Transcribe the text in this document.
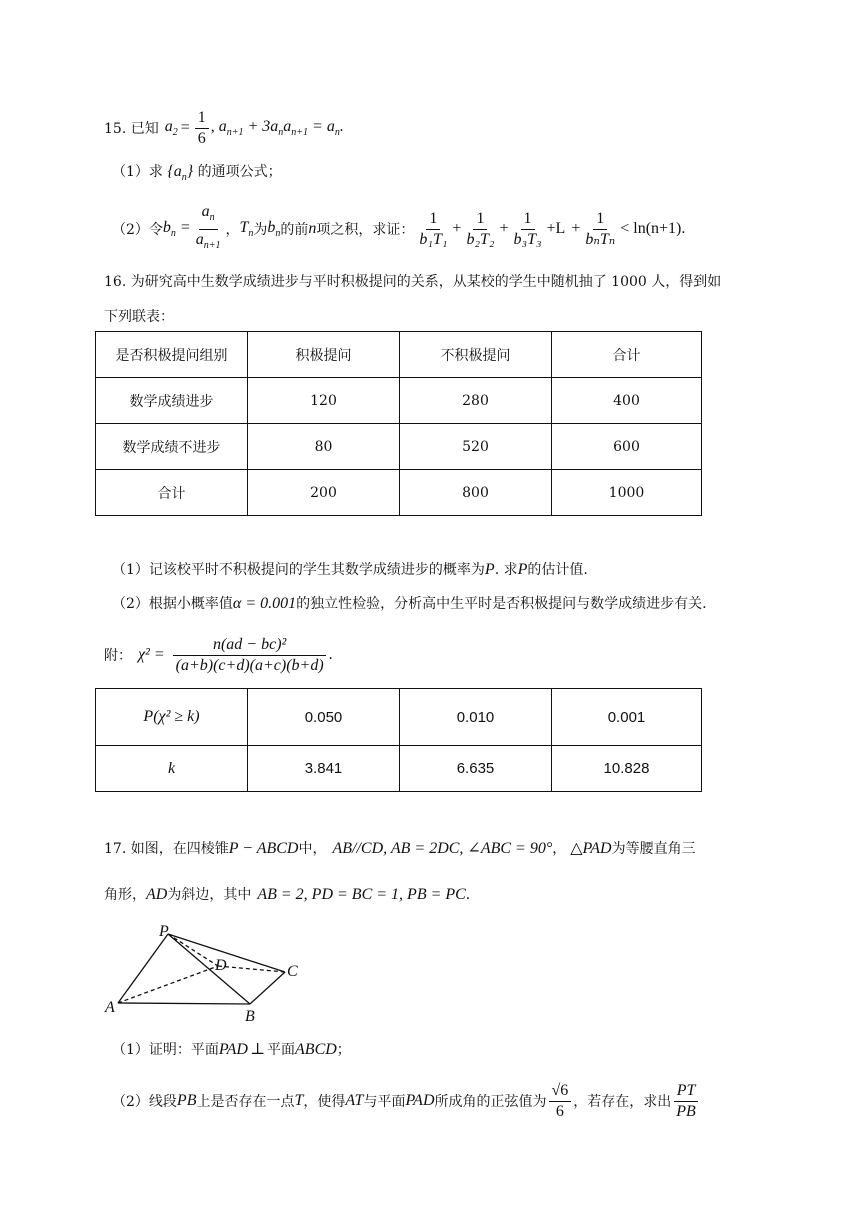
15. 已知 $a_2 = \frac{1}{6}$ , $a_{n+1} + 3a_na_{n+1} = a_n$.
（1）求 $\{a_n\}$ 的通项公式；
（2）令 $b_n = \frac{a_n}{a_{n+1}}$ ， $T_n$ 为 $b_n$ 的前 n 项之积，求证： $\frac{1}{\text{b₁T₁}} + \frac{1}{\text{b₂T₂}} + \frac{1}{\text{b₃T₃}} +L + \frac{1}{\text{bₙTₙ}} < \ln(n+1)$.
16. 为研究高中生数学成绩进步与平时积极提问的关系，从某校的学生中随机抽了 1000 人，得到如
下列联表：
是否积极提问组别	积极提问	不积极提问	合计
数学成绩进步	120	280	400
数学成绩不进步	80	520	600
合计	200	800	1000
（1）记该校平时不积极提问的学生其数学成绩进步的概率为P. 求P的估计值.
（2）根据小概率值α = 0.001的独立性检验，分析高中生平时是否积极提问与数学成绩进步有关.
附： $\chi^2 = \frac{\text{n(ad − bc)²}}{(a+b)(c+d)(a+c)(b+d)}$ .
P(χ² ≥ k)	0.050	0.010	0.001
k	3.841	6.635	10.828
17. 如图，在四棱锥P − ABCD中， AB//CD, AB = 2DC, ∠ABC = 90°， △PAD为等腰直角三
角形，AD为斜边，其中 AB = 2, PD = BC = 1, PB = PC.
P
D	C
A
B
（1）证明：平面PAD ⊥ 平面ABCD；
（2）线段 PB 上是否存在一点 T ，使得 AT 与平面 PAD 所成角的正弦值为 $\frac{√6}{6}$ ，若存在，求出 $\frac{PT}{PB}$
